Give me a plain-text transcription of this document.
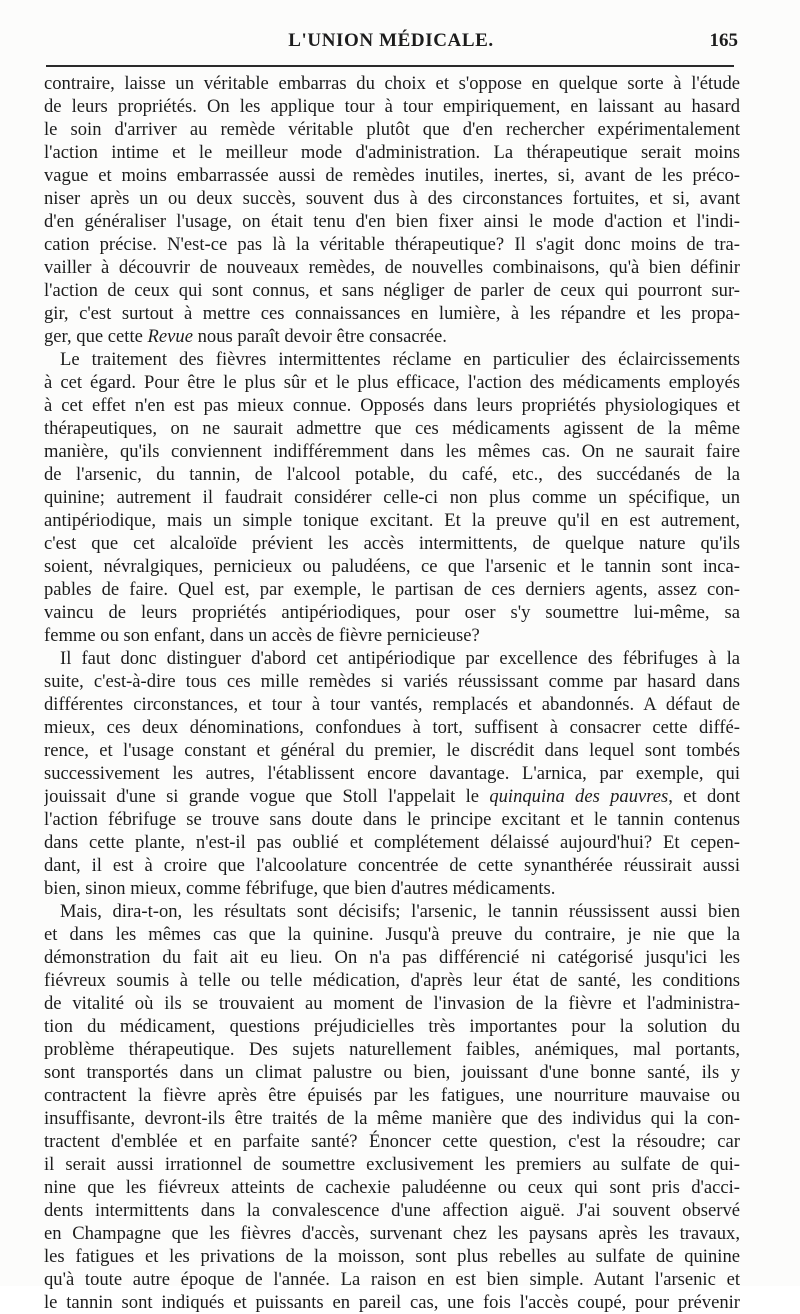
L'UNION MÉDICALE.	165
contraire, laisse un véritable embarras du choix et s'oppose en quelque sorte à l'étude
de leurs propriétés. On les applique tour à tour empiriquement, en laissant au hasard
le soin d'arriver au remède véritable plutôt que d'en rechercher expérimentalement
l'action intime et le meilleur mode d'administration. La thérapeutique serait moins
vague et moins embarrassée aussi de remèdes inutiles, inertes, si, avant de les préco-
niser après un ou deux succès, souvent dus à des circonstances fortuites, et si, avant
d'en généraliser l'usage, on était tenu d'en bien fixer ainsi le mode d'action et l'indi-
cation précise. N'est-ce pas là la véritable thérapeutique? Il s'agit donc moins de tra-
vailler à découvrir de nouveaux remèdes, de nouvelles combinaisons, qu'à bien définir
l'action de ceux qui sont connus, et sans négliger de parler de ceux qui pourront sur-
gir, c'est surtout à mettre ces connaissances en lumière, à les répandre et les propa-
ger, que cette Revue nous paraît devoir être consacrée.
Le traitement des fièvres intermittentes réclame en particulier des éclaircissements
à cet égard. Pour être le plus sûr et le plus efficace, l'action des médicaments employés
à cet effet n'en est pas mieux connue. Opposés dans leurs propriétés physiologiques et
thérapeutiques, on ne saurait admettre que ces médicaments agissent de la même
manière, qu'ils conviennent indifféremment dans les mêmes cas. On ne saurait faire
de l'arsenic, du tannin, de l'alcool potable, du café, etc., des succédanés de la
quinine; autrement il faudrait considérer celle-ci non plus comme un spécifique, un
antipériodique, mais un simple tonique excitant. Et la preuve qu'il en est autrement,
c'est que cet alcaloïde prévient les accès intermittents, de quelque nature qu'ils
soient, névralgiques, pernicieux ou paludéens, ce que l'arsenic et le tannin sont inca-
pables de faire. Quel est, par exemple, le partisan de ces derniers agents, assez con-
vaincu de leurs propriétés antipériodiques, pour oser s'y soumettre lui-même, sa
femme ou son enfant, dans un accès de fièvre pernicieuse?
Il faut donc distinguer d'abord cet antipériodique par excellence des fébrifuges à la
suite, c'est-à-dire tous ces mille remèdes si variés réussissant comme par hasard dans
différentes circonstances, et tour à tour vantés, remplacés et abandonnés. A défaut de
mieux, ces deux dénominations, confondues à tort, suffisent à consacrer cette diffé-
rence, et l'usage constant et général du premier, le discrédit dans lequel sont tombés
successivement les autres, l'établissent encore davantage. L'arnica, par exemple, qui
jouissait d'une si grande vogue que Stoll l'appelait le quinquina des pauvres, et dont
l'action fébrifuge se trouve sans doute dans le principe excitant et le tannin contenus
dans cette plante, n'est-il pas oublié et complétement délaissé aujourd'hui? Et cepen-
dant, il est à croire que l'alcoolature concentrée de cette synanthérée réussirait aussi
bien, sinon mieux, comme fébrifuge, que bien d'autres médicaments.
Mais, dira-t-on, les résultats sont décisifs; l'arsenic, le tannin réussissent aussi bien
et dans les mêmes cas que la quinine. Jusqu'à preuve du contraire, je nie que la
démonstration du fait ait eu lieu. On n'a pas différencié ni catégorisé jusqu'ici les
fiévreux soumis à telle ou telle médication, d'après leur état de santé, les conditions
de vitalité où ils se trouvaient au moment de l'invasion de la fièvre et l'administra-
tion du médicament, questions préjudicielles très importantes pour la solution du
problème thérapeutique. Des sujets naturellement faibles, anémiques, mal portants,
sont transportés dans un climat palustre ou bien, jouissant d'une bonne santé, ils y
contractent la fièvre après être épuisés par les fatigues, une nourriture mauvaise ou
insuffisante, devront-ils être traités de la même manière que des individus qui la con-
tractent d'emblée et en parfaite santé? Énoncer cette question, c'est la résoudre; car
il serait aussi irrationnel de soumettre exclusivement les premiers au sulfate de qui-
nine que les fiévreux atteints de cachexie paludéenne ou ceux qui sont pris d'acci-
dents intermittents dans la convalescence d'une affection aiguë. J'ai souvent observé
en Champagne que les fièvres d'accès, survenant chez les paysans après les travaux,
les fatigues et les privations de la moisson, sont plus rebelles au sulfate de quinine
qu'à toute autre époque de l'année. La raison en est bien simple. Autant l'arsenic et
le tannin sont indiqués et puissants en pareil cas, une fois l'accès coupé, pour prévenir
